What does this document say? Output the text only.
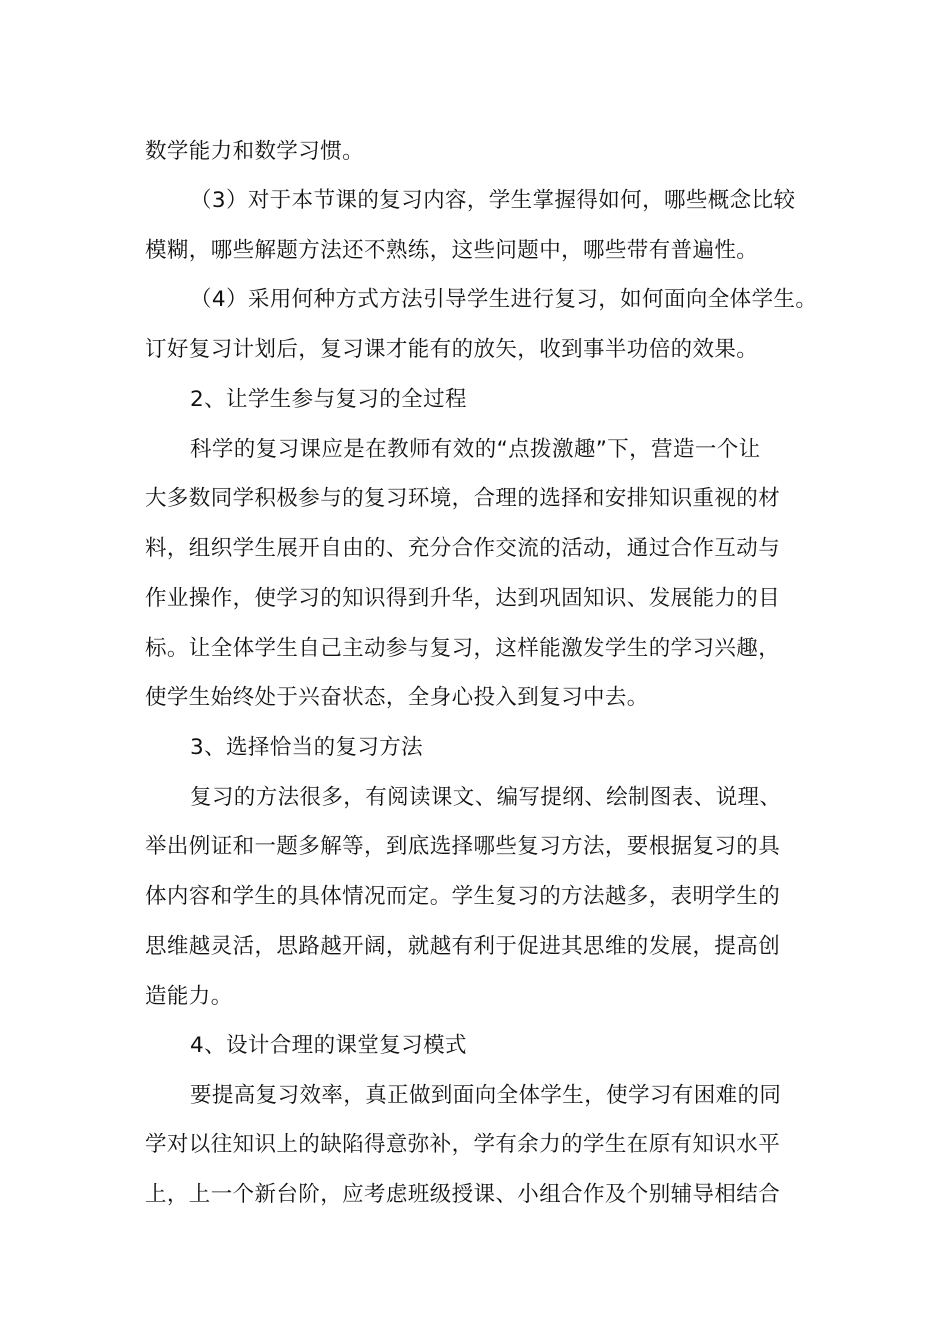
数学能力和数学习惯。
（3）对于本节课的复习内容，学生掌握得如何，哪些概念比较
模糊，哪些解题方法还不熟练，这些问题中，哪些带有普遍性。
（4）采用何种方式方法引导学生进行复习，如何面向全体学生。
订好复习计划后，复习课才能有的放矢，收到事半功倍的效果。
2、让学生参与复习的全过程
科学的复习课应是在教师有效的“点拨激趣”下，营造一个让
大多数同学积极参与的复习环境，合理的选择和安排知识重视的材
料，组织学生展开自由的、充分合作交流的活动，通过合作互动与
作业操作，使学习的知识得到升华，达到巩固知识、发展能力的目
标。让全体学生自己主动参与复习，这样能激发学生的学习兴趣，
使学生始终处于兴奋状态，全身心投入到复习中去。
3、选择恰当的复习方法
复习的方法很多，有阅读课文、编写提纲、绘制图表、说理、
举出例证和一题多解等，到底选择哪些复习方法，要根据复习的具
体内容和学生的具体情况而定。学生复习的方法越多，表明学生的
思维越灵活，思路越开阔，就越有利于促进其思维的发展，提高创
造能力。
4、设计合理的课堂复习模式
要提高复习效率，真正做到面向全体学生，使学习有困难的同
学对以往知识上的缺陷得意弥补，学有余力的学生在原有知识水平
上，上一个新台阶，应考虑班级授课、小组合作及个别辅导相结合
